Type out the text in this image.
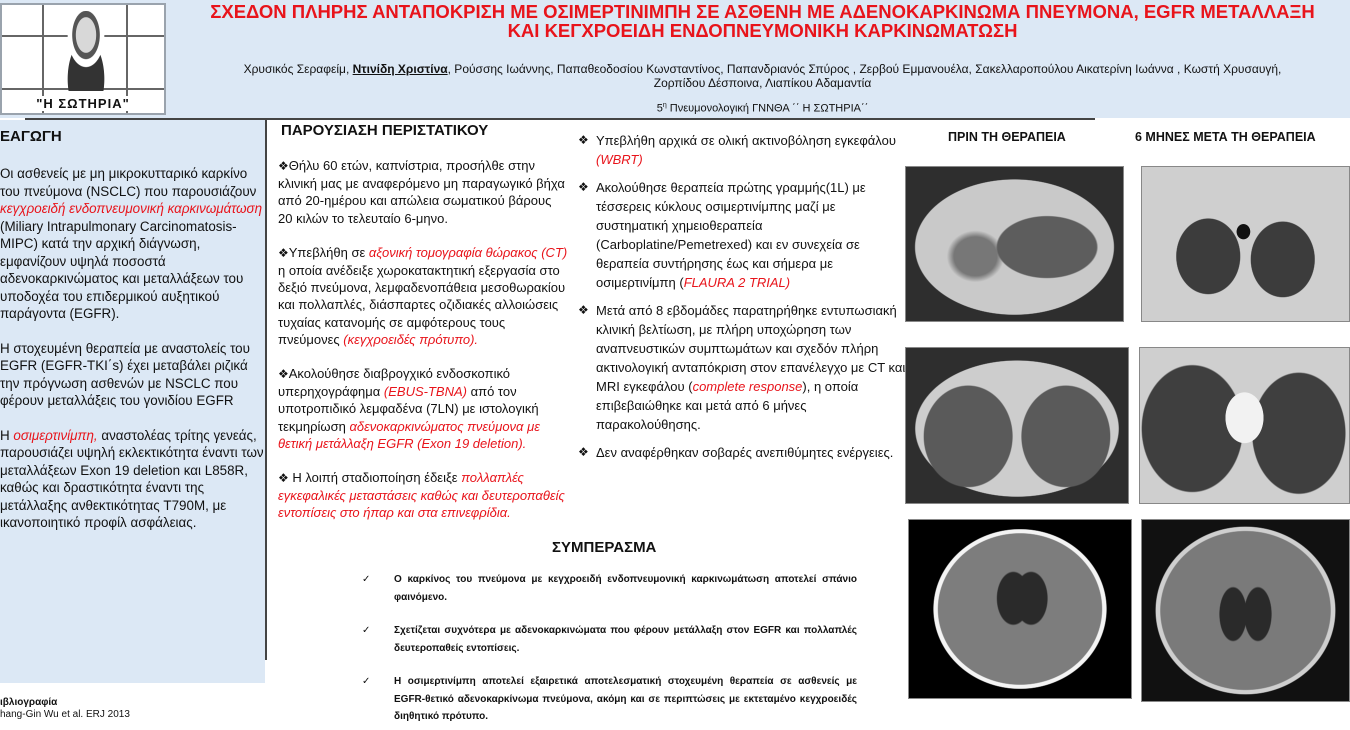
"Η ΣΩΤΗΡΙΑ"
ΣΧΕΔΟΝ ΠΛΗΡΗΣ ΑΝΤΑΠΟΚΡΙΣΗ ΜΕ ΟΣΙΜΕΡΤΙΝΙΜΠΗ ΣΕ ΑΣΘΕΝΗ ΜΕ ΑΔΕΝΟΚΑΡΚΙΝΩΜΑ ΠΝΕΥΜΟΝΑ, EGFR ΜΕΤΑΛΛΑΞΗ
ΚΑΙ ΚΕΓΧΡΟΕΙΔΗ ΕΝΔΟΠΝΕΥΜΟΝΙΚΗ ΚΑΡΚΙΝΩΜΑΤΩΣΗ
Χρυσικός Σεραφείμ, Ντινίδη Χριστίνα, Ρούσσης Ιωάννης, Παπαθεοδοσίου Κωνσταντίνος, Παπανδριανός Σπύρος , Ζερβού Εμμανουέλα, Σακελλαροπούλου Αικατερίνη Ιωάννα , Κωστή Χρυσαυγή,
Ζορπίδου Δέσποινα, Λιαπίκου Αδαμαντία
$5^\eta$ Πνευμονολογική ΓΝΝΘΑ ΄΄ Η ΣΩΤΗΡΙΑ΄΄
ΕΑΓΩΓΗ

Οι ασθενείς με μη μικροκυτταρικό καρκίνο του πνεύμονα (NSCLC) που παρουσιάζουν κεγχροειδή ενδοπνευμονική καρκινωμάτωση (Miliary Intrapulmonary Carcinomatosis-MIPC) κατά την αρχική διάγνωση, εμφανίζουν υψηλά ποσοστά αδενοκαρκινώματος και μεταλλάξεων του υποδοχέα του επιδερμικού αυξητικού παράγοντα (EGFR).

Η στοχευμένη θεραπεία με αναστολείς του EGFR (EGFR-TKI΄s) έχει μεταβάλει ριζικά την πρόγνωση ασθενών με NSCLC που φέρουν μεταλλάξεις του γονιδίου EGFR

Η οσιμερτινίμπη, αναστολέας τρίτης γενεάς, παρουσιάζει υψηλή εκλεκτικότητα έναντι των μεταλλάξεων Exon 19 deletion και L858R, καθώς και δραστικότητα έναντι της μετάλλαξης ανθεκτικότητας T790M, με ικανοποιητικό προφίλ ασφάλειας.

ιβλιογραφία
hang-Gin Wu et al. ERJ 2013
ΠΑΡΟΥΣΙΑΣΗ ΠΕΡΙΣΤΑΤΙΚΟΥ

❖Θήλυ 60 ετών, καπνίστρια, προσήλθε στην κλινική μας με αναφερόμενο μη παραγωγικό βήχα από 20-ημέρου και απώλεια σωματικού βάρους 20 κιλών το τελευταίο 6-μηνο.

❖Υπεβλήθη σε αξονική τομογραφία θώρακος (CT) η οποία ανέδειξε χωροκατακτητική εξεργασία στο δεξιό πνεύμονα, λεμφαδενοπάθεια μεσοθωρακίου και πολλαπλές, διάσπαρτες οζιδιακές αλλοιώσεις τυχαίας κατανομής σε αμφότερους τους πνεύμονες (κεγχροειδές πρότυπο).

❖Ακολούθησε διαβρογχικό ενδοσκοπικό υπερηχογράφημα (EBUS-TBNA) από τον υποτροπιδικό λεμφαδένα (7LN) με ιστολογική τεκμηρίωση αδενοκαρκινώματος πνεύμονα με θετική μετάλλαξη EGFR (Exon 19 deletion).

❖ Η λοιπή σταδιοποίηση έδειξε πολλαπλές εγκεφαλικές μεταστάσεις καθώς και δευτεροπαθείς εντοπίσεις στο ήπαρ και στα επινεφρίδια.

❖ Υπεβλήθη αρχικά σε ολική ακτινοβόληση εγκεφάλου (WBRT)
❖ Ακολούθησε θεραπεία πρώτης γραμμής(1L) με τέσσερεις κύκλους οσιμερτινίμπης μαζί με συστηματική χημειοθεραπεία (Carboplatine/Pemetrexed) και εν συνεχεία σε θεραπεία συντήρησης έως και σήμερα με οσιμερτινίμπη (FLAURA 2 TRIAL)
❖ Μετά από 8 εβδομάδες παρατηρήθηκε εντυπωσιακή κλινική βελτίωση, με πλήρη υποχώρηση των αναπνευστικών συμπτωμάτων και σχεδόν πλήρη ακτινολογική ανταπόκριση στον επανέλεγχο με CT και MRI εγκεφάλου (complete response), η οποία επιβεβαιώθηκε και μετά από 6 μήνες παρακολούθησης.
❖ Δεν αναφέρθηκαν σοβαρές ανεπιθύμητες ενέργειες.
ΠΡΙΝ ΤΗ ΘΕΡΑΠΕΙΑ	6 ΜΗΝΕΣ ΜΕΤΑ ΤΗ ΘΕΡΑΠΕΙΑ
ΣΥΜΠΕΡΑΣΜΑ
✓ Ο καρκίνος του πνεύμονα με κεγχροειδή ενδοπνευμονική καρκινωμάτωση αποτελεί σπάνιο φαινόμενο.
✓ Σχετίζεται συχνότερα με αδενοκαρκινώματα που φέρουν μετάλλαξη στον EGFR και πολλαπλές δευτεροπαθείς εντοπίσεις.
✓ Η οσιμερτινίμπη αποτελεί εξαιρετικά αποτελεσματική στοχευμένη θεραπεία σε ασθενείς με EGFR-θετικό αδενοκαρκίνωμα πνεύμονα, ακόμη και σε περιπτώσεις με εκτεταμένο κεγχροειδές διηθητικό πρότυπο.
